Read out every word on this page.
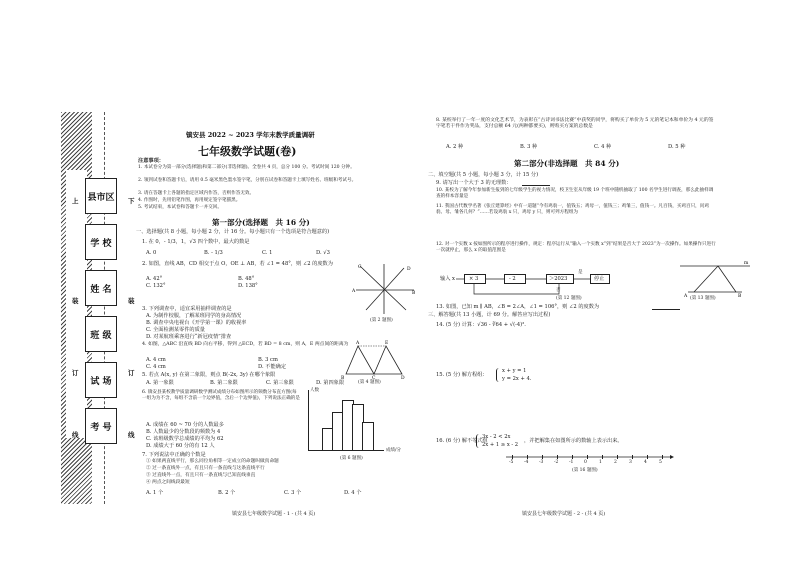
上
装
订
线
下
装
订
线
县市区
学 校
姓 名
班 级
试 场
考 号
镇安县 2022 ~ 2023 学年末教学质量调研
七年级数学试题(卷)
注意事项：
1. 本试卷分为第一部分(选择题)和第二部分(非选择题)。全卷共 4 页，总分 100 分。考试时间 120 分钟。
2. 领到试卷和答题卡后，请用 0.5 毫米黑色墨水签字笔，分别在试卷和答题卡上填写姓名、班级和考试号。
3. 请在答题卡上各题的指定区域内作答，否则作答无效。
4. 作图时，先用铅笔作图，再用规定签字笔描黑。
5. 考试结束，本试卷和答题卡一并交回。
第一部分(选择题　共 16 分)
一、选择题(共 8 小题，每小题 2 分，计 16 分。每小题只有一个选项是符合题意的)
1. 在 0，- 1/3，1，√3 四个数中，最大的数是
A. 0	B. - 1/3	C. 1	D. √3
2. 如图，直线 AB，CD 相交于点 O，OE ⊥ AB，若 ∠1 = 48°，则 ∠2 的度数为
A. 42°	B. 48°
C. 132°	D. 138°
C	D
A	B
(第 2 题图)
3. 下列调查中，适宜采用抽样调查的是
A. 为制作校服，了解某班同学的身高情况
B. 调查中央电视台《开学第一课》的收视率
C. 全面检测某零件的质量
D. 对某航班乘客进行“新冠疫情”排查
4. 如图，△ABC 沿直线 BD 向右平移，得到 △ECD，若 BD = 8 cm，则 A，E 两点间的距离为
A. 4 cm	B. 3 cm
C. 4 cm	D. 不能确定
B
A
C
E
D
(第 4 题图)
5. 若点 A(x, y) 在第二象限，则点 B(-2x, 3y) 在哪个象限
A. 第一象限	B. 第二象限	C. 第三象限	D. 第四象限
6. 镇安县某校教学质量调研数学测试成绩分布如图所示的频数分布直方图(每一组为为不含，每组不含前一个边界值，含后一个边界值)，下列说法正确的是
A. 成绩在 60 ~ 70 分的人数最多
B. 人数最少的分数段的频数为 4
C. 该班级数学总成绩的平均为 62
D. 成绩大于 60 分的有 12 人
人数
成绩/分
(第 6 题图)
7. 下列说法中正确的个数是
① 如果两直线平行，那么同位角相等一定成立的命题叫做真命题
② 过一条直线外一点，有且只有一条直线与这条直线平行
③ 过直线外一点，有且只有一条直线与已知直线垂直
④ 两点之间线段最短
A. 1 个	B. 2 个	C. 3 个	D. 4 个
镇安县七年级数学试题 - 1 - (共 4 页)
8. 某校举行了一年一度的文化艺术节，为表彰在“古诗词书法比赛”中获奖的同学，将购买了单价为 5 元的笔记本和单价为 4 元的签字笔若干件作为奖品，支付总额 64 元(两种都要买)，则购买方案的总数是
A. 2 种	B. 3 种	C. 4 种	D. 5 种
第二部分(非选择题　共 84 分)
二、填空题(共 5 小题，每小题 3 分，计 15 分)
9. 请写出一个大于 3 的无理数：
10. 某校为了解今年参加新生报到的七年级学生的视力情况，校卫生室从年级 19 个班中随机抽取了 100 名学生进行调查，那么此抽样调查的样本容量是
11. 我国古代数学名著《张丘建算经》中有一道题“今有鸡翁一，值钱五；鸡母一，值钱三；鸡雏三，值钱一。凡百钱，买鸡百只，问鸡翁、母、雏各几何？”……若设鸡翁 x 只，鸡母 y 只，则可列方程组为
12. 对一个实数 x 按如图所示的程序进行操作，规定：程序运行从“输入一个实数 x”到“结果是否大于 2023”为一次操作。如果操作只进行一次就停止，那么 x 的取值范围是
输入 x	× 3	- 2	＞2023
是
停止
否
(第 12 题图)
m
A	B
(第 13 题图)
13. 如图，已知 m ∥ AB，∠B = 2∠A，∠1 = 106°，则 ∠2 的度数为
三、解答题(共 13 小题，计 69 分。解答应写出过程)
14. (5 分) 计算：√36 - ∛64 + √(-4)².
15. (5 分) 解方程组：
x + y = 1
y = 2x + 4.
16. (6 分) 解不等式组
3x - 2 < 2x
2x + 1 ≥ x - 2
，并把解集在如图所示的数轴上表示出来。
-5 -4 -3 -2 -1 0	1	2	3	4	5
(第 16 题图)
镇安县七年级数学试题 - 2 - (共 4 页)
